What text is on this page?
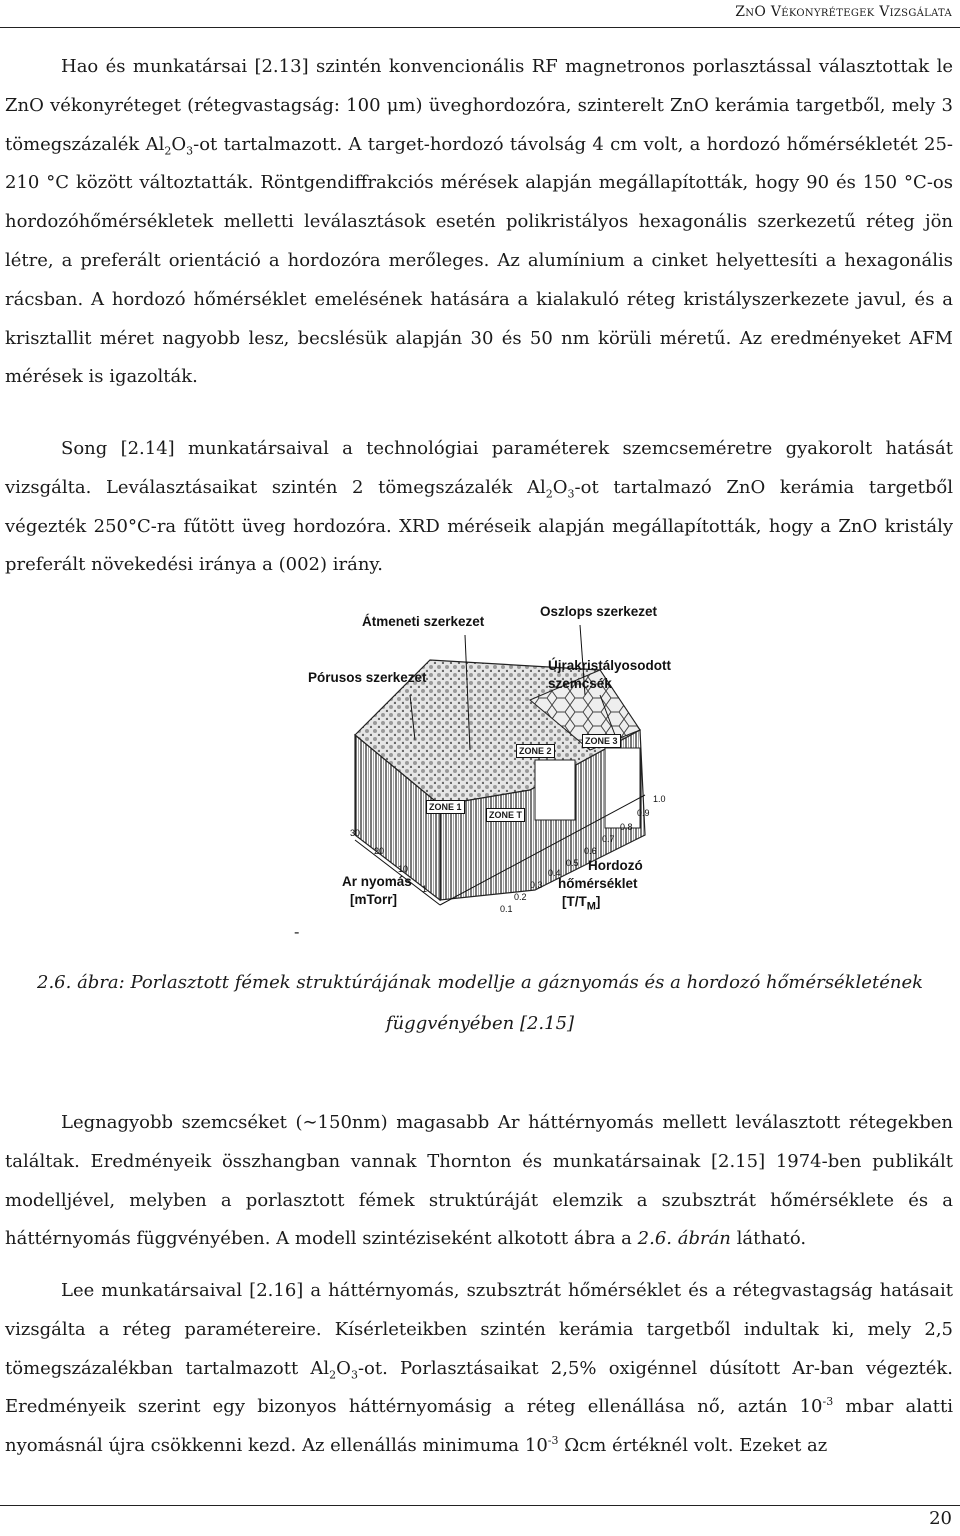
ZnO Vékonyrétegek Vizsgálata

Hao és munkatársai [2.13] szintén konvencionális RF magnetronos porlasztással választottak le ZnO vékonyréteget (rétegvastagság: 100 μm) üveghordozóra, szinterelt ZnO kerámia targetből, mely 3 tömegszázalék $Al_2O_3-ot$ tartalmazott. A target-hordozó távolság 4 cm volt, a hordozó hőmérsékletét 25-210 °C között változtatták. Röntgendiffrakciós mérések alapján megállapították, hogy 90 és 150 °C-os hordozóhőmérsékletek melletti leválasztások esetén polikristályos hexagonális szerkezetű réteg jön létre, a preferált orientáció a hordozóra merőleges. Az alumínium a cinket helyettesíti a hexagonális rácsban. A hordozó hőmérséklet emelésének hatására a kialakuló réteg kristályszerkezete javul, és a krisztallit méret nagyobb lesz, becslésük alapján 30 és 50 nm körüli méretű. Az eredményeket AFM mérések is igazolták.

Song [2.14] munkatársaival a technológiai paraméterek szemcseméretre gyakorolt hatását vizsgálta. Leválasztásaikat szintén 2 tömegszázalék $Al_2O_3-ot$ tartalmazó ZnO kerámia targetből végezték 250°C-ra fűtött üveg hordozóra. XRD méréseik alapján megállapították, hogy a ZnO kristály preferált növekedési iránya a (002) irány.

Átmeneti szerkezet
Oszlops szerkezet
Pórusos szerkezet
Újrakristályosodott
szemcsék
Ar nyomás
[mTorr]
Hordozó
hőmérséklet
$[T/T_M]$
ZONE 1
ZONE T
ZONE 2
ZONE 3
30
20
10
1
1.0
0.9
0.8
0.7
0.6
0.5
0.4
0.3
0.2
0.1
-
2.6. ábra: Porlasztott fémek struktúrájának modellje a gáznyomás és a hordozó hőmérsékletének
függvényében [2.15]

Legnagyobb szemcséket (∼150nm) magasabb Ar háttérnyomás mellett leválasztott rétegekben találtak. Eredményeik összhangban vannak Thornton és munkatársainak [2.15] 1974-ben publikált modelljével, melyben a porlasztott fémek struktúráját elemzik a szubsztrát hőmérséklete és a háttérnyomás függvényében. A modell szintéziseként alkotott ábra a 2.6. ábrán látható.

Lee munkatársaival [2.16] a háttérnyomás, szubsztrát hőmérséklet és a rétegvastagság hatásait vizsgálta a réteg paramétereire. Kísérleteikben szintén kerámia targetből indultak ki, mely 2,5 tömegszázalékban tartalmazott $Al_2O_3-ot$. Porlasztásaikat 2,5% oxigénnel dúsított Ar-ban végezték. Eredményeik szerint egy bizonyos háttérnyomásig a réteg ellenállása nő, aztán $10^{-3}$ mbar alatti nyomásnál újra csökkenni kezd. Az ellenállás minimuma $10^{-3}$ Ωcm értéknél volt. Ezeket az

20
